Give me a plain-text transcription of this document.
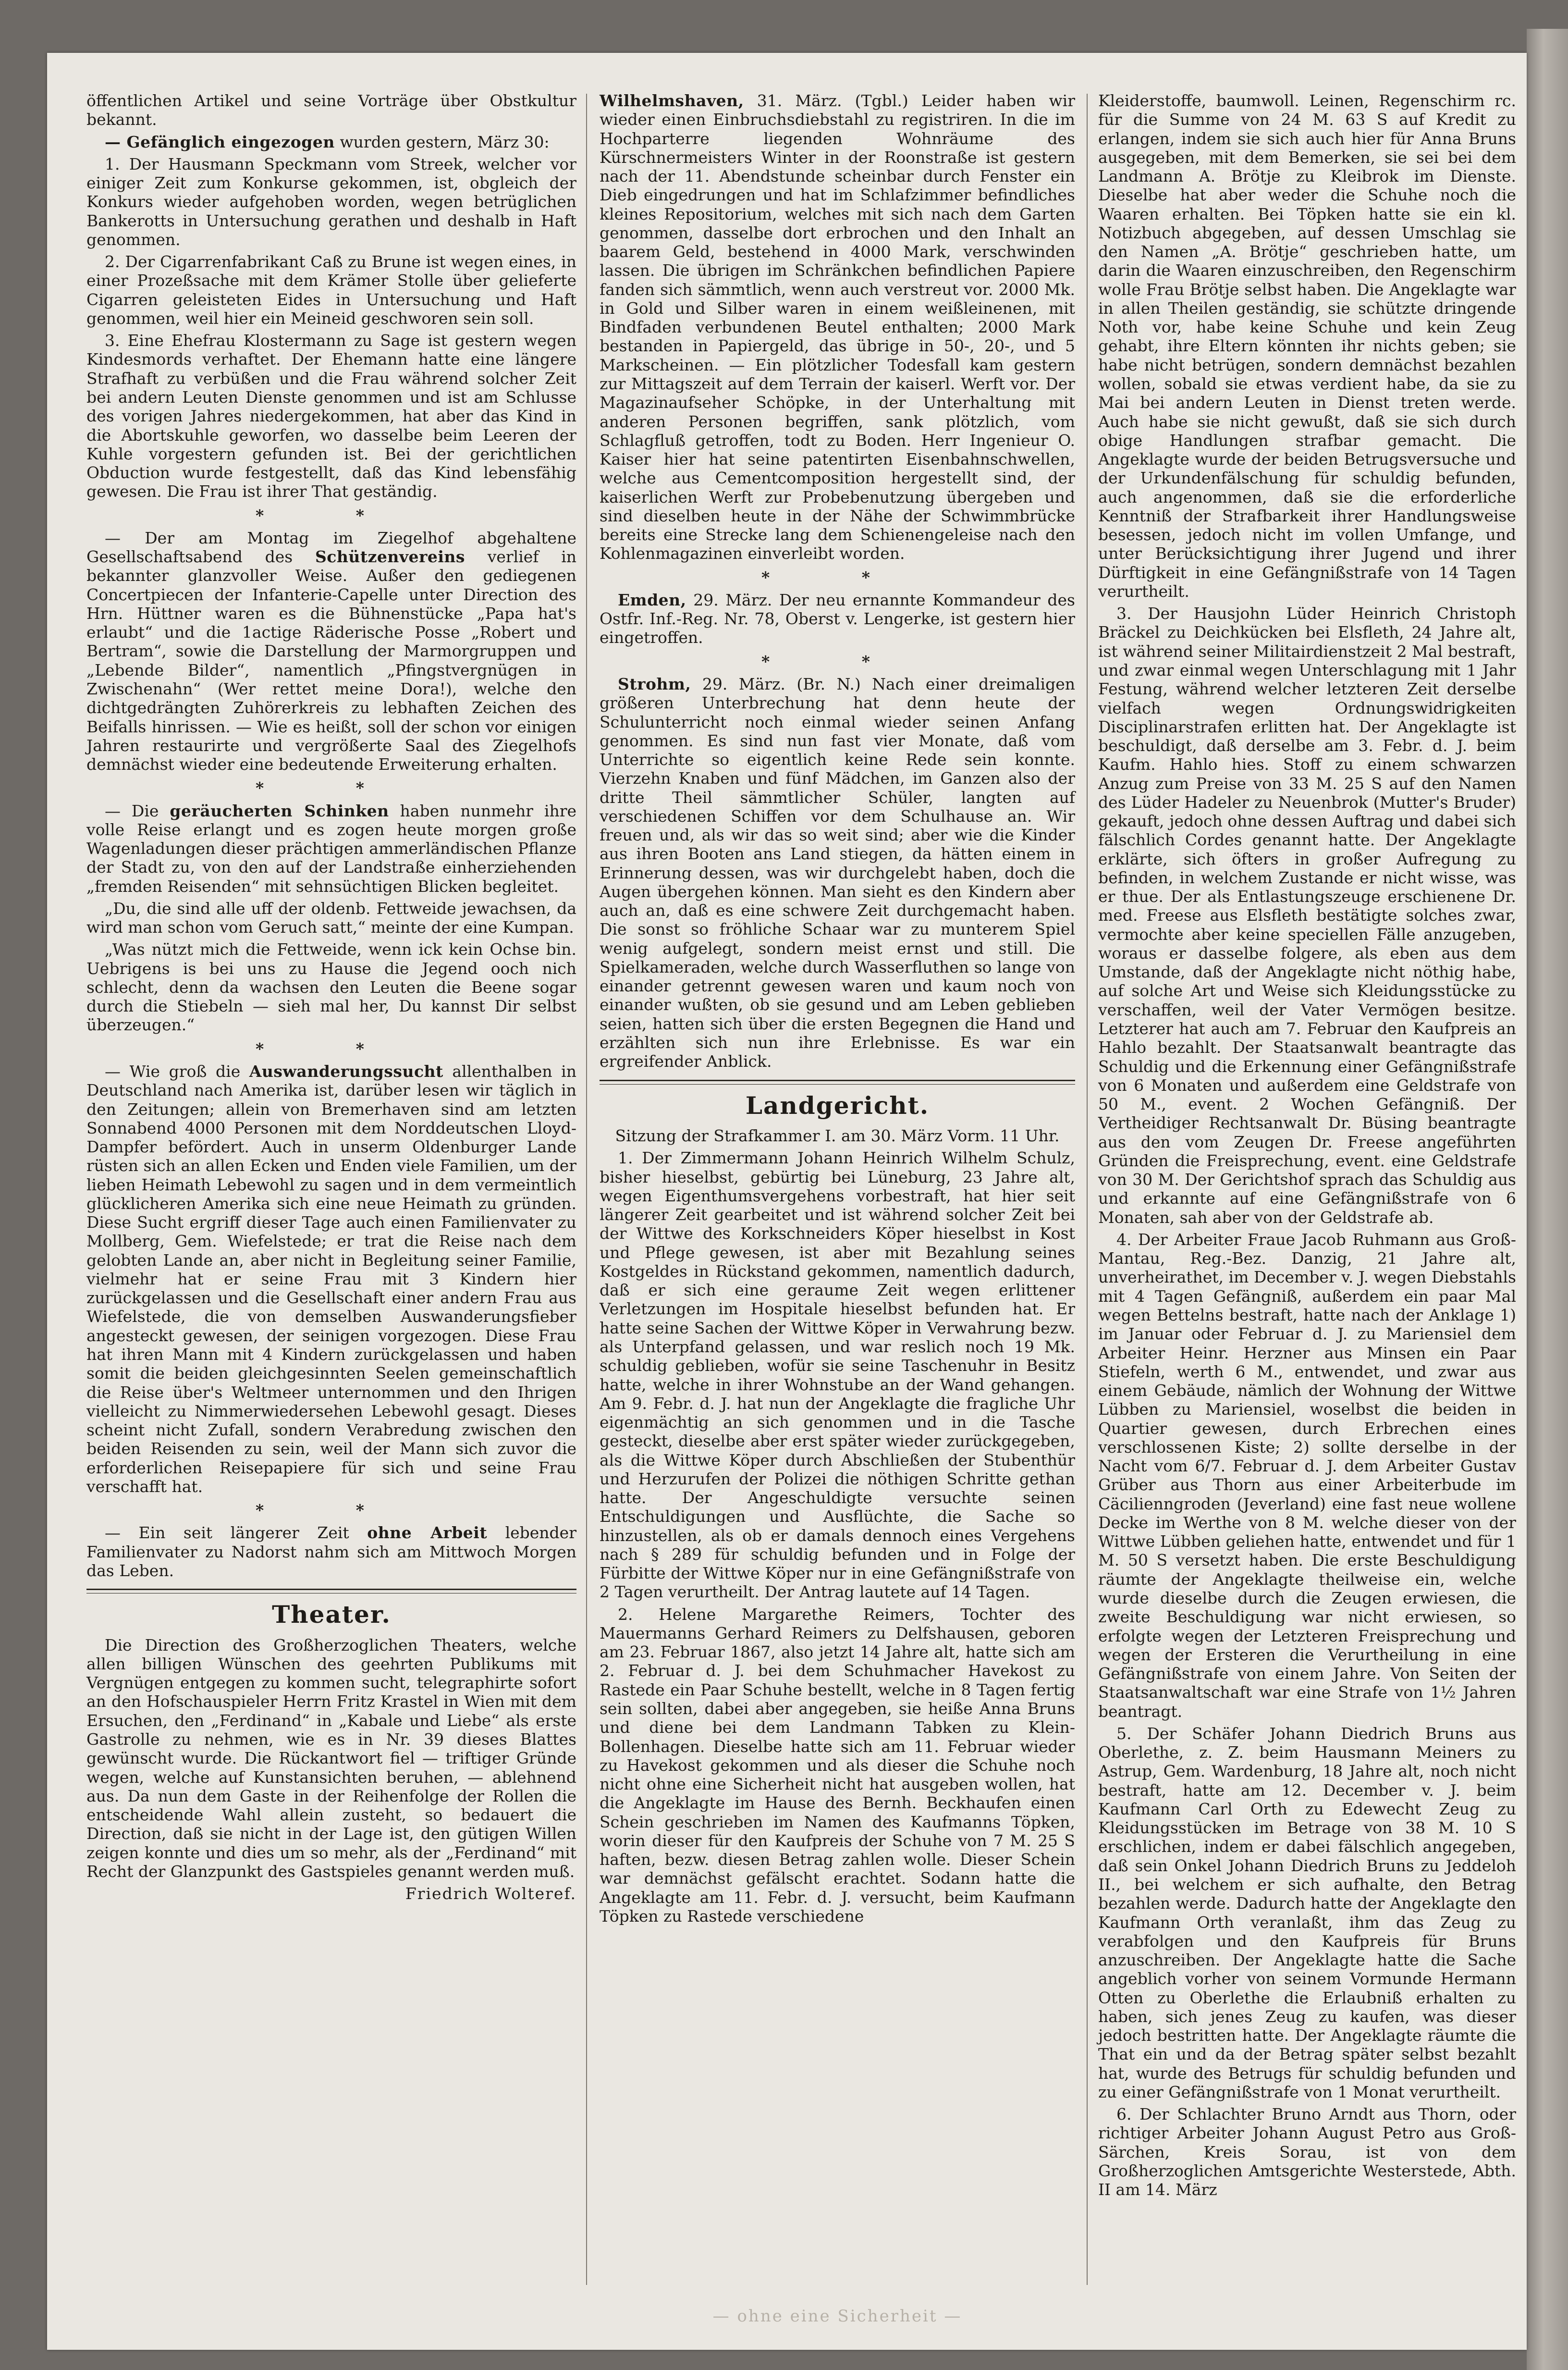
öffentlichen Artikel und seine Vorträge über Obstkultur bekannt.

— Gefänglich eingezogen wurden gestern, März 30:

1. Der Hausmann Speckmann vom Streek, welcher vor einiger Zeit zum Konkurse gekommen, ist, obgleich der Konkurs wieder aufgehoben worden, wegen betrüglichen Bankerotts in Untersuchung gerathen und deshalb in Haft genommen.

2. Der Cigarrenfabrikant Caß zu Brune ist wegen eines, in einer Prozeßsache mit dem Krämer Stolle über gelieferte Cigarren geleisteten Eides in Untersuchung und Haft genommen, weil hier ein Meineid geschworen sein soll.

3. Eine Ehefrau Klostermann zu Sage ist gestern wegen Kindesmords verhaftet. Der Ehemann hatte eine längere Strafhaft zu verbüßen und die Frau während solcher Zeit bei andern Leuten Dienste genommen und ist am Schlusse des vorigen Jahres niedergekommen, hat aber das Kind in die Abortskuhle geworfen, wo dasselbe beim Leeren der Kuhle vorgestern gefunden ist. Bei der gerichtlichen Obduction wurde festgestellt, daß das Kind lebensfähig gewesen. Die Frau ist ihrer That geständig.

* *

— Der am Montag im Ziegelhof abgehaltene Gesellschaftsabend des Schützenvereins verlief in bekannter glanzvoller Weise. Außer den gediegenen Concertpiecen der Infanterie-Capelle unter Direction des Hrn. Hüttner waren es die Bühnenstücke „Papa hat's erlaubt“ und die 1actige Räderische Posse „Robert und Bertram“, sowie die Darstellung der Marmorgruppen und „Lebende Bilder“, namentlich „Pfingstvergnügen in Zwischenahn“ (Wer rettet meine Dora!), welche den dichtgedrängten Zuhörerkreis zu lebhaften Zeichen des Beifalls hinrissen. — Wie es heißt, soll der schon vor einigen Jahren restaurirte und vergrößerte Saal des Ziegelhofs demnächst wieder eine bedeutende Erweiterung erhalten.

* *

— Die geräucherten Schinken haben nunmehr ihre volle Reise erlangt und es zogen heute morgen große Wagenladungen dieser prächtigen ammerländischen Pflanze der Stadt zu, von den auf der Landstraße einherziehenden „fremden Reisenden“ mit sehnsüchtigen Blicken begleitet.

„Du, die sind alle uff der oldenb. Fettweide jewachsen, da wird man schon vom Geruch satt,“ meinte der eine Kumpan.

„Was nützt mich die Fettweide, wenn ick kein Ochse bin. Uebrigens is bei uns zu Hause die Jegend ooch nich schlecht, denn da wachsen den Leuten die Beene sogar durch die Stiebeln — sieh mal her, Du kannst Dir selbst überzeugen.“

* *

— Wie groß die Auswanderungssucht allenthalben in Deutschland nach Amerika ist, darüber lesen wir täglich in den Zeitungen; allein von Bremerhaven sind am letzten Sonnabend 4000 Personen mit dem Norddeutschen Lloyd-Dampfer befördert. Auch in unserm Oldenburger Lande rüsten sich an allen Ecken und Enden viele Familien, um der lieben Heimath Lebewohl zu sagen und in dem vermeintlich glücklicheren Amerika sich eine neue Heimath zu gründen. Diese Sucht ergriff dieser Tage auch einen Familienvater zu Mollberg, Gem. Wiefelstede; er trat die Reise nach dem gelobten Lande an, aber nicht in Begleitung seiner Familie, vielmehr hat er seine Frau mit 3 Kindern hier zurückgelassen und die Gesellschaft einer andern Frau aus Wiefelstede, die von demselben Auswanderungsfieber angesteckt gewesen, der seinigen vorgezogen. Diese Frau hat ihren Mann mit 4 Kindern zurückgelassen und haben somit die beiden gleichgesinnten Seelen gemeinschaftlich die Reise über's Weltmeer unternommen und den Ihrigen vielleicht zu Nimmerwiedersehen Lebewohl gesagt. Dieses scheint nicht Zufall, sondern Verabredung zwischen den beiden Reisenden zu sein, weil der Mann sich zuvor die erforderlichen Reisepapiere für sich und seine Frau verschafft hat.

* *

— Ein seit längerer Zeit ohne Arbeit lebender Familienvater zu Nadorst nahm sich am Mittwoch Morgen das Leben.

Theater.

Die Direction des Großherzoglichen Theaters, welche allen billigen Wünschen des geehrten Publikums mit Vergnügen entgegen zu kommen sucht, telegraphirte sofort an den Hofschauspieler Herrn Fritz Krastel in Wien mit dem Ersuchen, den „Ferdinand“ in „Kabale und Liebe“ als erste Gastrolle zu nehmen, wie es in Nr. 39 dieses Blattes gewünscht wurde. Die Rückantwort fiel — triftiger Gründe wegen, welche auf Kunstansichten beruhen, — ablehnend aus. Da nun dem Gaste in der Reihenfolge der Rollen die entscheidende Wahl allein zusteht, so bedauert die Direction, daß sie nicht in der Lage ist, den gütigen Willen zeigen konnte und dies um so mehr, als der „Ferdinand“ mit Recht der Glanzpunkt des Gastspieles genannt werden muß.

Friedrich Wolteref.

Wilhelmshaven, 31. März. (Tgbl.) Leider haben wir wieder einen Einbruchsdiebstahl zu registriren. In die im Hochparterre liegenden Wohnräume des Kürschnermeisters Winter in der Roonstraße ist gestern nach der 11. Abendstunde scheinbar durch Fenster ein Dieb eingedrungen und hat im Schlafzimmer befindliches kleines Repositorium, welches mit sich nach dem Garten genommen, dasselbe dort erbrochen und den Inhalt an baarem Geld, bestehend in 4000 Mark, verschwinden lassen. Die übrigen im Schränkchen befindlichen Papiere fanden sich sämmtlich, wenn auch verstreut vor. 2000 Mk. in Gold und Silber waren in einem weißleinenen, mit Bindfaden verbundenen Beutel enthalten; 2000 Mark bestanden in Papiergeld, das übrige in 50-, 20-, und 5 Markscheinen. — Ein plötzlicher Todesfall kam gestern zur Mittagszeit auf dem Terrain der kaiserl. Werft vor. Der Magazinaufseher Schöpke, in der Unterhaltung mit anderen Personen begriffen, sank plötzlich, vom Schlagfluß getroffen, todt zu Boden. Herr Ingenieur O. Kaiser hier hat seine patentirten Eisenbahnschwellen, welche aus Cementcomposition hergestellt sind, der kaiserlichen Werft zur Probebenutzung übergeben und sind dieselben heute in der Nähe der Schwimmbrücke bereits eine Strecke lang dem Schienengeleise nach den Kohlenmagazinen einverleibt worden.

* *

Emden, 29. März. Der neu ernannte Kommandeur des Ostfr. Inf.-Reg. Nr. 78, Oberst v. Lengerke, ist gestern hier eingetroffen.

* *

Strohm, 29. März. (Br. N.) Nach einer dreimaligen größeren Unterbrechung hat denn heute der Schulunterricht noch einmal wieder seinen Anfang genommen. Es sind nun fast vier Monate, daß vom Unterrichte so eigentlich keine Rede sein konnte. Vierzehn Knaben und fünf Mädchen, im Ganzen also der dritte Theil sämmtlicher Schüler, langten auf verschiedenen Schiffen vor dem Schulhause an. Wir freuen und, als wir das so weit sind; aber wie die Kinder aus ihren Booten ans Land stiegen, da hätten einem in Erinnerung dessen, was wir durchgelebt haben, doch die Augen übergehen können. Man sieht es den Kindern aber auch an, daß es eine schwere Zeit durchgemacht haben. Die sonst so fröhliche Schaar war zu munterem Spiel wenig aufgelegt, sondern meist ernst und still. Die Spielkameraden, welche durch Wasserfluthen so lange von einander getrennt gewesen waren und kaum noch von einander wußten, ob sie gesund und am Leben geblieben seien, hatten sich über die ersten Begegnen die Hand und erzählten sich nun ihre Erlebnisse. Es war ein ergreifender Anblick.

Landgericht.

Sitzung der Strafkammer I. am 30. März Vorm. 11 Uhr.

1. Der Zimmermann Johann Heinrich Wilhelm Schulz, bisher hieselbst, gebürtig bei Lüneburg, 23 Jahre alt, wegen Eigenthumsvergehens vorbestraft, hat hier seit längerer Zeit gearbeitet und ist während solcher Zeit bei der Wittwe des Korkschneiders Köper hieselbst in Kost und Pflege gewesen, ist aber mit Bezahlung seines Kostgeldes in Rückstand gekommen, namentlich dadurch, daß er sich eine geraume Zeit wegen erlittener Verletzungen im Hospitale hieselbst befunden hat. Er hatte seine Sachen der Wittwe Köper in Verwahrung bezw. als Unterpfand gelassen, und war reslich noch 19 Mk. schuldig geblieben, wofür sie seine Taschenuhr in Besitz hatte, welche in ihrer Wohnstube an der Wand gehangen. Am 9. Febr. d. J. hat nun der Angeklagte die fragliche Uhr eigenmächtig an sich genommen und in die Tasche gesteckt, dieselbe aber erst später wieder zurückgegeben, als die Wittwe Köper durch Abschließen der Stubenthür und Herzurufen der Polizei die nöthigen Schritte gethan hatte. Der Angeschuldigte versuchte seinen Entschuldigungen und Ausflüchte, die Sache so hinzustellen, als ob er damals dennoch eines Vergehens nach § 289 für schuldig befunden und in Folge der Fürbitte der Wittwe Köper nur in eine Gefängnißstrafe von 2 Tagen verurtheilt. Der Antrag lautete auf 14 Tagen.

2. Helene Margarethe Reimers, Tochter des Mauermanns Gerhard Reimers zu Delfshausen, geboren am 23. Februar 1867, also jetzt 14 Jahre alt, hatte sich am 2. Februar d. J. bei dem Schuhmacher Havekost zu Rastede ein Paar Schuhe bestellt, welche in 8 Tagen fertig sein sollten, dabei aber angegeben, sie heiße Anna Bruns und diene bei dem Landmann Tabken zu Klein-Bollenhagen. Dieselbe hatte sich am 11. Februar wieder zu Havekost gekommen und als dieser die Schuhe noch nicht ohne eine Sicherheit nicht hat ausgeben wollen, hat die Angeklagte im Hause des Bernh. Beckhaufen einen Schein geschrieben im Namen des Kaufmanns Töpken, worin dieser für den Kaufpreis der Schuhe von 7 M. 25 S haften, bezw. diesen Betrag zahlen wolle. Dieser Schein war demnächst gefälscht erachtet. Sodann hatte die Angeklagte am 11. Febr. d. J. versucht, beim Kaufmann Töpken zu Rastede verschiedene

Kleiderstoffe, baumwoll. Leinen, Regenschirm rc. für die Summe von 24 M. 63 S auf Kredit zu erlangen, indem sie sich auch hier für Anna Bruns ausgegeben, mit dem Bemerken, sie sei bei dem Landmann A. Brötje zu Kleibrok im Dienste. Dieselbe hat aber weder die Schuhe noch die Waaren erhalten. Bei Töpken hatte sie ein kl. Notizbuch abgegeben, auf dessen Umschlag sie den Namen „A. Brötje“ geschrieben hatte, um darin die Waaren einzuschreiben, den Regenschirm wolle Frau Brötje selbst haben. Die Angeklagte war in allen Theilen geständig, sie schützte dringende Noth vor, habe keine Schuhe und kein Zeug gehabt, ihre Eltern könnten ihr nichts geben; sie habe nicht betrügen, sondern demnächst bezahlen wollen, sobald sie etwas verdient habe, da sie zu Mai bei andern Leuten in Dienst treten werde. Auch habe sie nicht gewußt, daß sie sich durch obige Handlungen strafbar gemacht. Die Angeklagte wurde der beiden Betrugsversuche und der Urkundenfälschung für schuldig befunden, auch angenommen, daß sie die erforderliche Kenntniß der Strafbarkeit ihrer Handlungsweise besessen, jedoch nicht im vollen Umfange, und unter Berücksichtigung ihrer Jugend und ihrer Dürftigkeit in eine Gefängnißstrafe von 14 Tagen verurtheilt.

3. Der Hausjohn Lüder Heinrich Christoph Bräckel zu Deichkücken bei Elsfleth, 24 Jahre alt, ist während seiner Militairdienstzeit 2 Mal bestraft, und zwar einmal wegen Unterschlagung mit 1 Jahr Festung, während welcher letzteren Zeit derselbe vielfach wegen Ordnungswidrigkeiten Disciplinarstrafen erlitten hat. Der Angeklagte ist beschuldigt, daß derselbe am 3. Febr. d. J. beim Kaufm. Hahlo hies. Stoff zu einem schwarzen Anzug zum Preise von 33 M. 25 S auf den Namen des Lüder Hadeler zu Neuenbrok (Mutter's Bruder) gekauft, jedoch ohne dessen Auftrag und dabei sich fälschlich Cordes genannt hatte. Der Angeklagte erklärte, sich öfters in großer Aufregung zu befinden, in welchem Zustande er nicht wisse, was er thue. Der als Entlastungszeuge erschienene Dr. med. Freese aus Elsfleth bestätigte solches zwar, vermochte aber keine speciellen Fälle anzugeben, woraus er dasselbe folgere, als eben aus dem Umstande, daß der Angeklagte nicht nöthig habe, auf solche Art und Weise sich Kleidungsstücke zu verschaffen, weil der Vater Vermögen besitze. Letzterer hat auch am 7. Februar den Kaufpreis an Hahlo bezahlt. Der Staatsanwalt beantragte das Schuldig und die Erkennung einer Gefängnißstrafe von 6 Monaten und außerdem eine Geldstrafe von 50 M., event. 2 Wochen Gefängniß. Der Vertheidiger Rechtsanwalt Dr. Büsing beantragte aus den vom Zeugen Dr. Freese angeführten Gründen die Freisprechung, event. eine Geldstrafe von 30 M. Der Gerichtshof sprach das Schuldig aus und erkannte auf eine Gefängnißstrafe von 6 Monaten, sah aber von der Geldstrafe ab.

4. Der Arbeiter Fraue Jacob Ruhmann aus Groß-Mantau, Reg.-Bez. Danzig, 21 Jahre alt, unverheirathet, im December v. J. wegen Diebstahls mit 4 Tagen Gefängniß, außerdem ein paar Mal wegen Bettelns bestraft, hatte nach der Anklage 1) im Januar oder Februar d. J. zu Mariensiel dem Arbeiter Heinr. Herzner aus Minsen ein Paar Stiefeln, werth 6 M., entwendet, und zwar aus einem Gebäude, nämlich der Wohnung der Wittwe Lübben zu Mariensiel, woselbst die beiden in Quartier gewesen, durch Erbrechen eines verschlossenen Kiste; 2) sollte derselbe in der Nacht vom 6/7. Februar d. J. dem Arbeiter Gustav Grüber aus Thorn aus einer Arbeiterbude im Cäcilienngroden (Jeverland) eine fast neue wollene Decke im Werthe von 8 M. welche dieser von der Wittwe Lübben geliehen hatte, entwendet und für 1 M. 50 S versetzt haben. Die erste Beschuldigung räumte der Angeklagte theilweise ein, welche wurde dieselbe durch die Zeugen erwiesen, die zweite Beschuldigung war nicht erwiesen, so erfolgte wegen der Letzteren Freisprechung und wegen der Ersteren die Verurtheilung in eine Gefängnißstrafe von einem Jahre. Von Seiten der Staatsanwaltschaft war eine Strafe von 1½ Jahren beantragt.

5. Der Schäfer Johann Diedrich Bruns aus Oberlethe, z. Z. beim Hausmann Meiners zu Astrup, Gem. Wardenburg, 18 Jahre alt, noch nicht bestraft, hatte am 12. December v. J. beim Kaufmann Carl Orth zu Edewecht Zeug zu Kleidungsstücken im Betrage von 38 M. 10 S erschlichen, indem er dabei fälschlich angegeben, daß sein Onkel Johann Diedrich Bruns zu Jeddeloh II., bei welchem er sich aufhalte, den Betrag bezahlen werde. Dadurch hatte der Angeklagte den Kaufmann Orth veranlaßt, ihm das Zeug zu verabfolgen und den Kaufpreis für Bruns anzuschreiben. Der Angeklagte hatte die Sache angeblich vorher von seinem Vormunde Hermann Otten zu Oberlethe die Erlaubniß erhalten zu haben, sich jenes Zeug zu kaufen, was dieser jedoch bestritten hatte. Der Angeklagte räumte die That ein und da der Betrag später selbst bezahlt hat, wurde des Betrugs für schuldig befunden und zu einer Gefängnißstrafe von 1 Monat verurtheilt.

6. Der Schlachter Bruno Arndt aus Thorn, oder richtiger Arbeiter Johann August Petro aus Groß-Särchen, Kreis Sorau, ist von dem Großherzoglichen Amtsgerichte Westerstede, Abth. II am 14. März

— ohne eine Sicherheit —
